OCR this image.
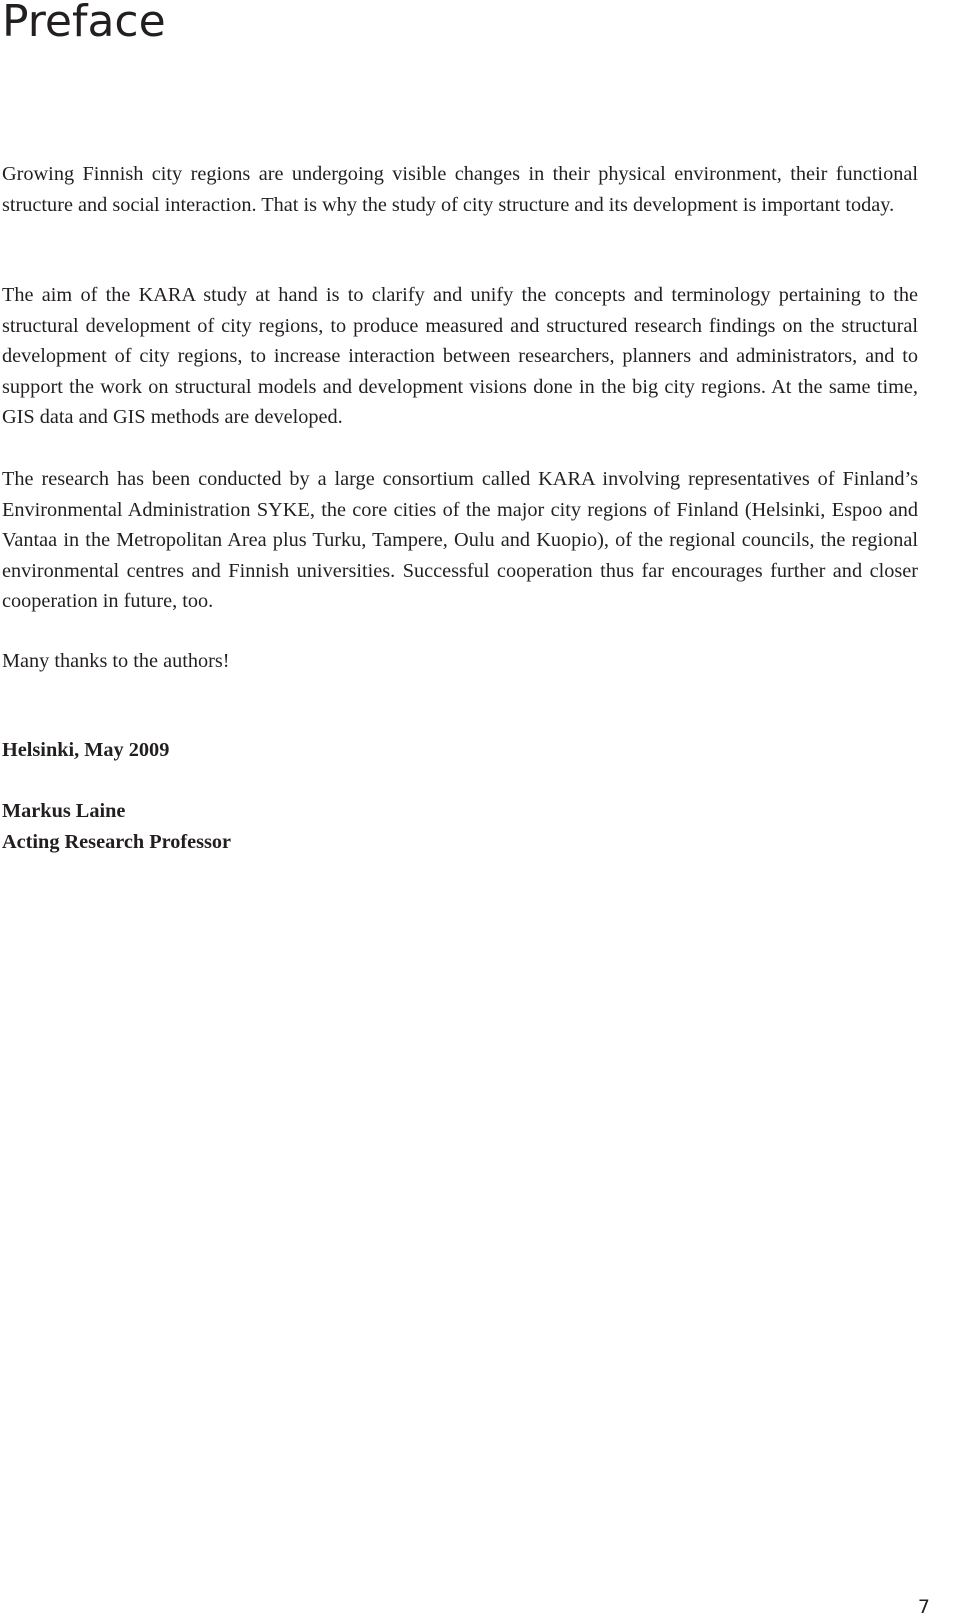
Preface

Growing Finnish city regions are undergoing visible changes in their physical environment, their functional structure and social interaction. That is why the study of city structure and its development is important today.

The aim of the KARA study at hand is to clarify and unify the concepts and terminology pertaining to the structural development of city regions, to produce measured and structured research findings on the structural development of city regions, to increase interaction between researchers, planners and administrators, and to support the work on structural models and development visions done in the big city regions. At the same time, GIS data and GIS methods are developed.

The research has been conducted by a large consortium called KARA involving representatives of Finland’s Environmental Administration SYKE, the core cities of the major city regions of Finland (Helsinki, Espoo and Vantaa in the Metropolitan Area plus Turku, Tampere, Oulu and Kuopio), of the regional councils, the regional environmental centres and Finnish universities. Successful cooperation thus far encourages further and closer cooperation in future, too.

Many thanks to the authors!

Helsinki, May 2009

Markus Laine

Acting Research Professor

7
